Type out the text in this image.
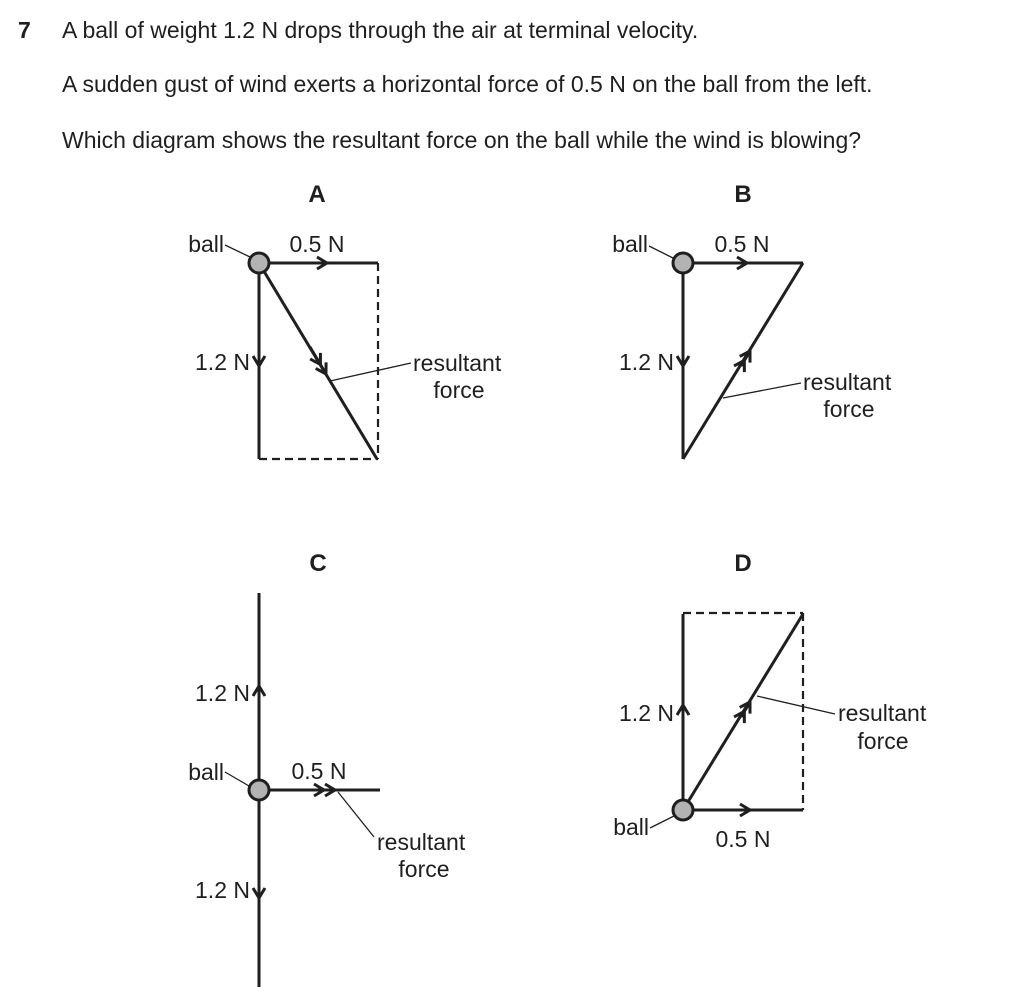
7 A ball of weight 1.2 N drops through the air at terminal velocity.
A sudden gust of wind exerts a horizontal force of 0.5 N on the ball from the left.
Which diagram shows the resultant force on the ball while the wind is blowing?
A
ball	0.5 N
1.2 N	resultant
force
B
ball	0.5 N
1.2 N
resultant
force
C
1.2 N
ball	0.5 N
1.2 N
resultant
force
D
1.2 N
ball	0.5 N
resultant
force
